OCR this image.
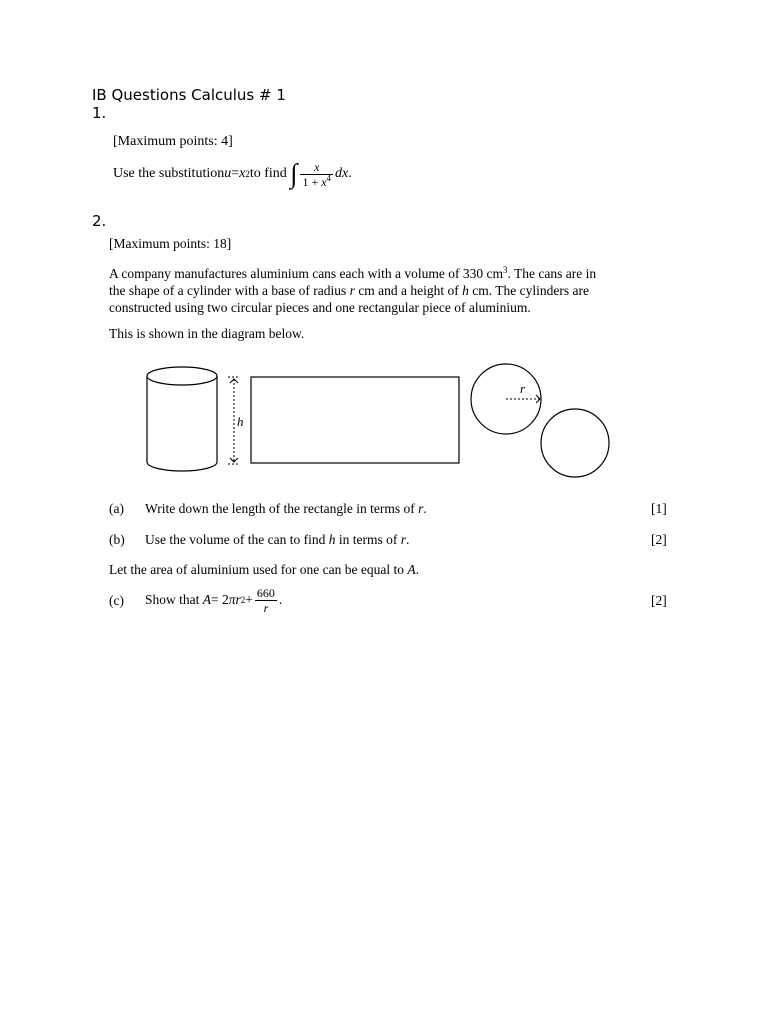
IB Questions Calculus # 1
1.
[Maximum points: 4]
Use the substitution u = x 2 to find
∫ $\frac{x}{1 + x^4}$ dx .
2.
[Maximum points: 18]
A company manufactures aluminium cans each with a volume of 330 $cm^3$. The cans are in
the shape of a cylinder with a base of radius r cm and a height of h cm. The cylinders are
constructed using two circular pieces and one rectangular piece of aluminium.
This is shown in the diagram below.
h
r
(a) Write down the length of the rectangle in terms of r.	[1]
(b) Use the volume of the can to find h in terms of r.	[2]
Let the area of aluminium used for one can be equal to A.
(c) Show that
A = 2 π r $2 + \frac{660}{r}$ .	[2]
